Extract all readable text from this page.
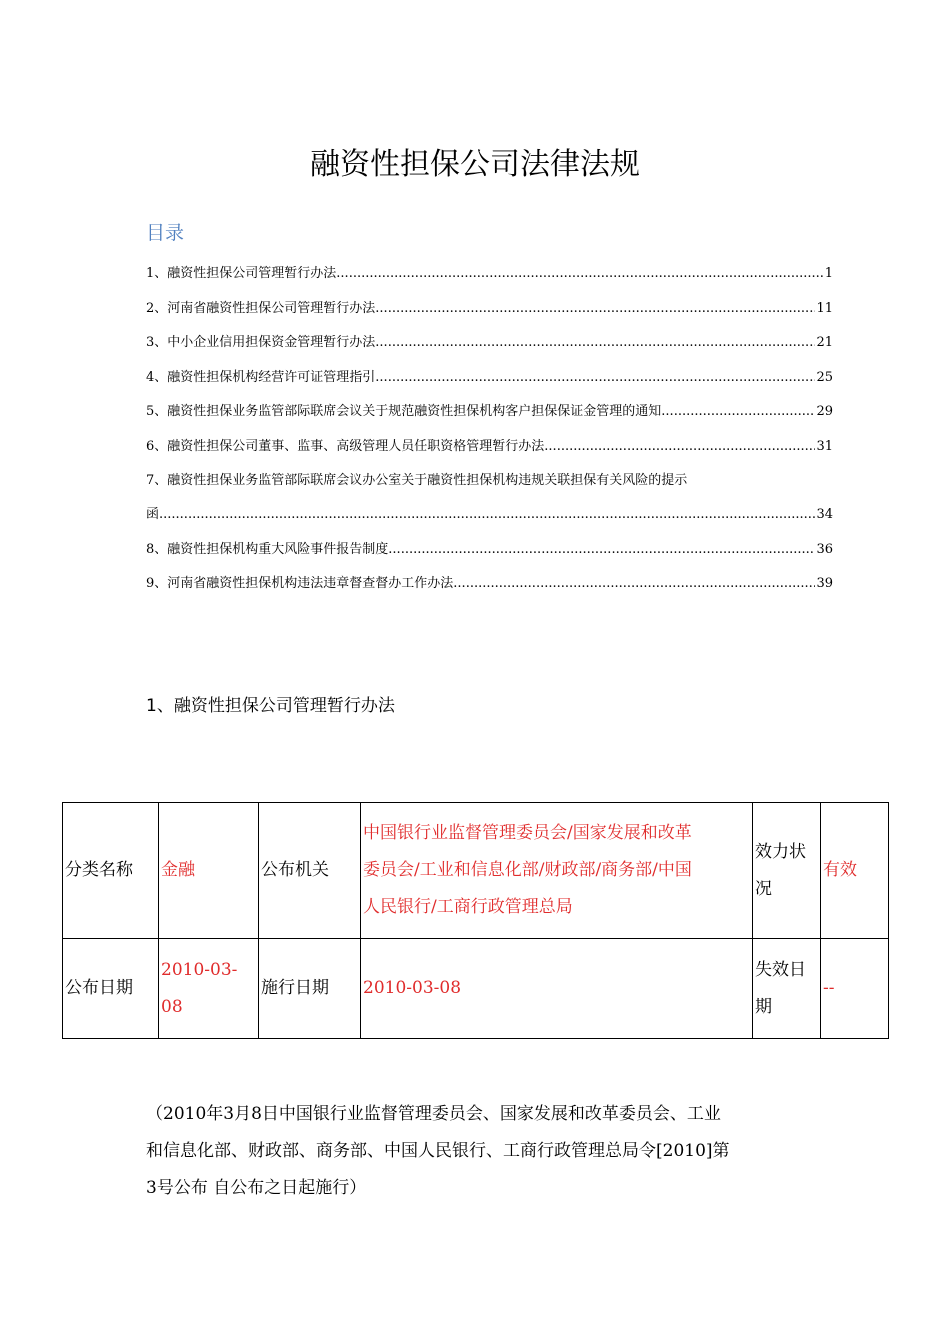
融资性担保公司法律法规
目录
1、 融资性担保公司管理暂行办法 .....	1
2、 河南省融资性担保公司管理暂行办法 .....	11
3、 中小企业信用担保资金管理暂行办法 .....	21
4、 融资性担保机构经营许可证管理指引 .....	25
5、 融资性担保业务监管部际联席会议关于规范融资性担保机构客户担保保证金管理的通知 .....	29
6、 融资性担保公司董事、监事、高级管理人员任职资格管理暂行办法 .....	31
7、融资性担保业务监管部际联席会议办公室关于融资性担保机构违规关联担保有关风险的提示
函 .....	34
8、 融资性担保机构重大风险事件报告制度 .....	36
9、 河南省融资性担保机构违法违章督查督办工作办法 .....	39
1、融资性担保公司管理暂行办法
分类名称	金融	公布机关	中国银行业监督管理委员会/国家发展和改革
委员会/工业和信息化部/财政部/商务部/中国
人民银行/工商行政管理总局	效力状
况	有效
公布日期	2010-03-08	施行日期	2010-03-08	失效日
期	--

（2010年3月8日中国银行业监督管理委员会、国家发展和改革委员会、工业
和信息化部、财政部、商务部、中国人民银行、工商行政管理总局令[2010]第
3号公布 自公布之日起施行）
